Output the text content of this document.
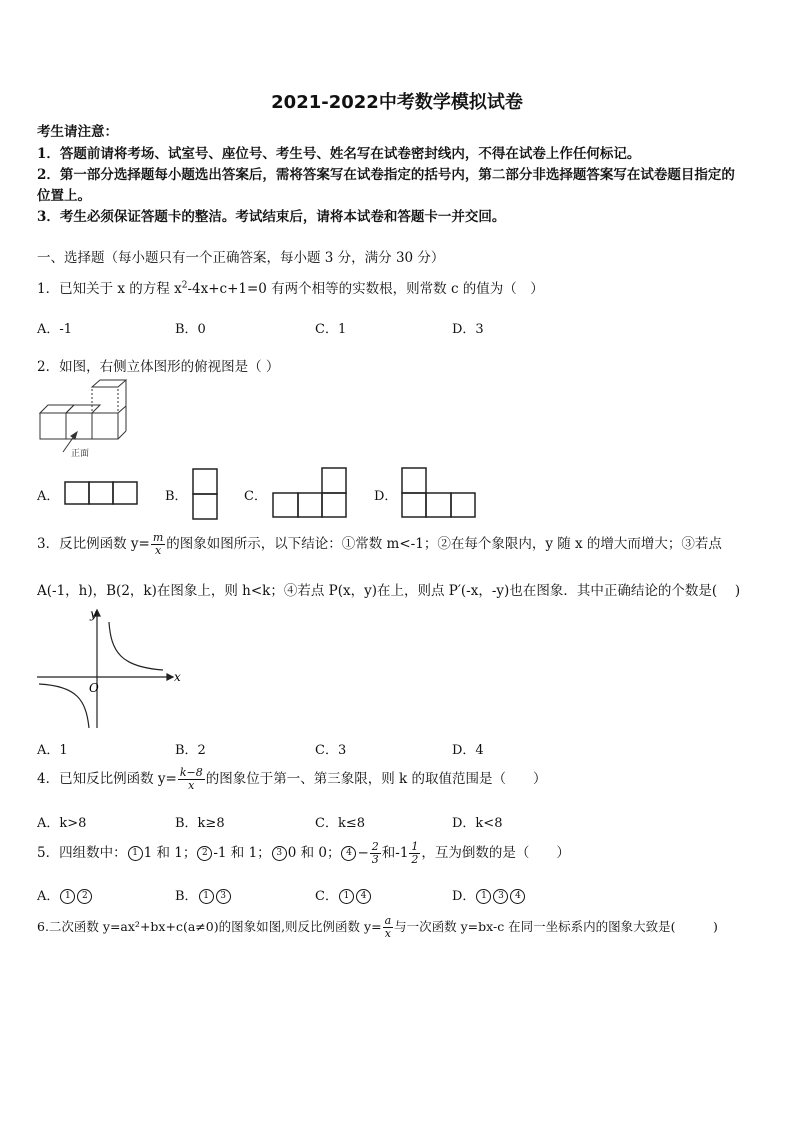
2021-2022中考数学模拟试卷
考生请注意：
1．答题前请将考场、试室号、座位号、考生号、姓名写在试卷密封线内，不得在试卷上作任何标记。
2．第一部分选择题每小题选出答案后，需将答案写在试卷指定的括号内，第二部分非选择题答案写在试卷题目指定的
位置上。
3．考生必须保证答题卡的整洁。考试结束后，请将本试卷和答题卡一并交回。
一、选择题（每小题只有一个正确答案，每小题 3 分，满分 30 分）
1．已知关于 x 的方程 $x^2-4x+c+1=0$ 有两个相等的实数根，则常数 c 的值为（　）
A．-1	B．0	C．1	D．3
2．如图，右侧立体图形的俯视图是（ ）
正面
A．	B．	C．	D．
3．反比例函数 $y= \frac{m}{x}$ 的图象如图所示，以下结论：①常数 m<-1；②在每个象限内，y 随 x 的增大而增大；③若点
A(-1，h)，B(2，k)在图象上，则 h<k；④若点 P(x，y)在上，则点 P′(-x，-y)也在图象．其中正确结论的个数是(　 )
y
x
O
A．1	B．2	C．3	D．4
4．已知反比例函数 $y= \frac{k-8}{x}$ 的图象位于第一、第三象限，则 k 的取值范围是（　　）
A．k>8	B．k≥8	C．k≤8	D．k<8
5．四组数中： 1 1 和 1； 2 -1 和 1； 3 0 和 0； $4 - \frac{2}{3}$ 和$-1 \frac{1}{2}$ ，互为倒数的是（　　）
A． 1 2	B． 1 3	C． 1 4	D． 1 3 4
6.二次函数 y=ax²+bx+c(a≠0)的图象如图,则反比例函数 $y= \frac{a}{x}$ 与一次函数 y=bx-c 在同一坐标系内的图象大致是(　　　)
